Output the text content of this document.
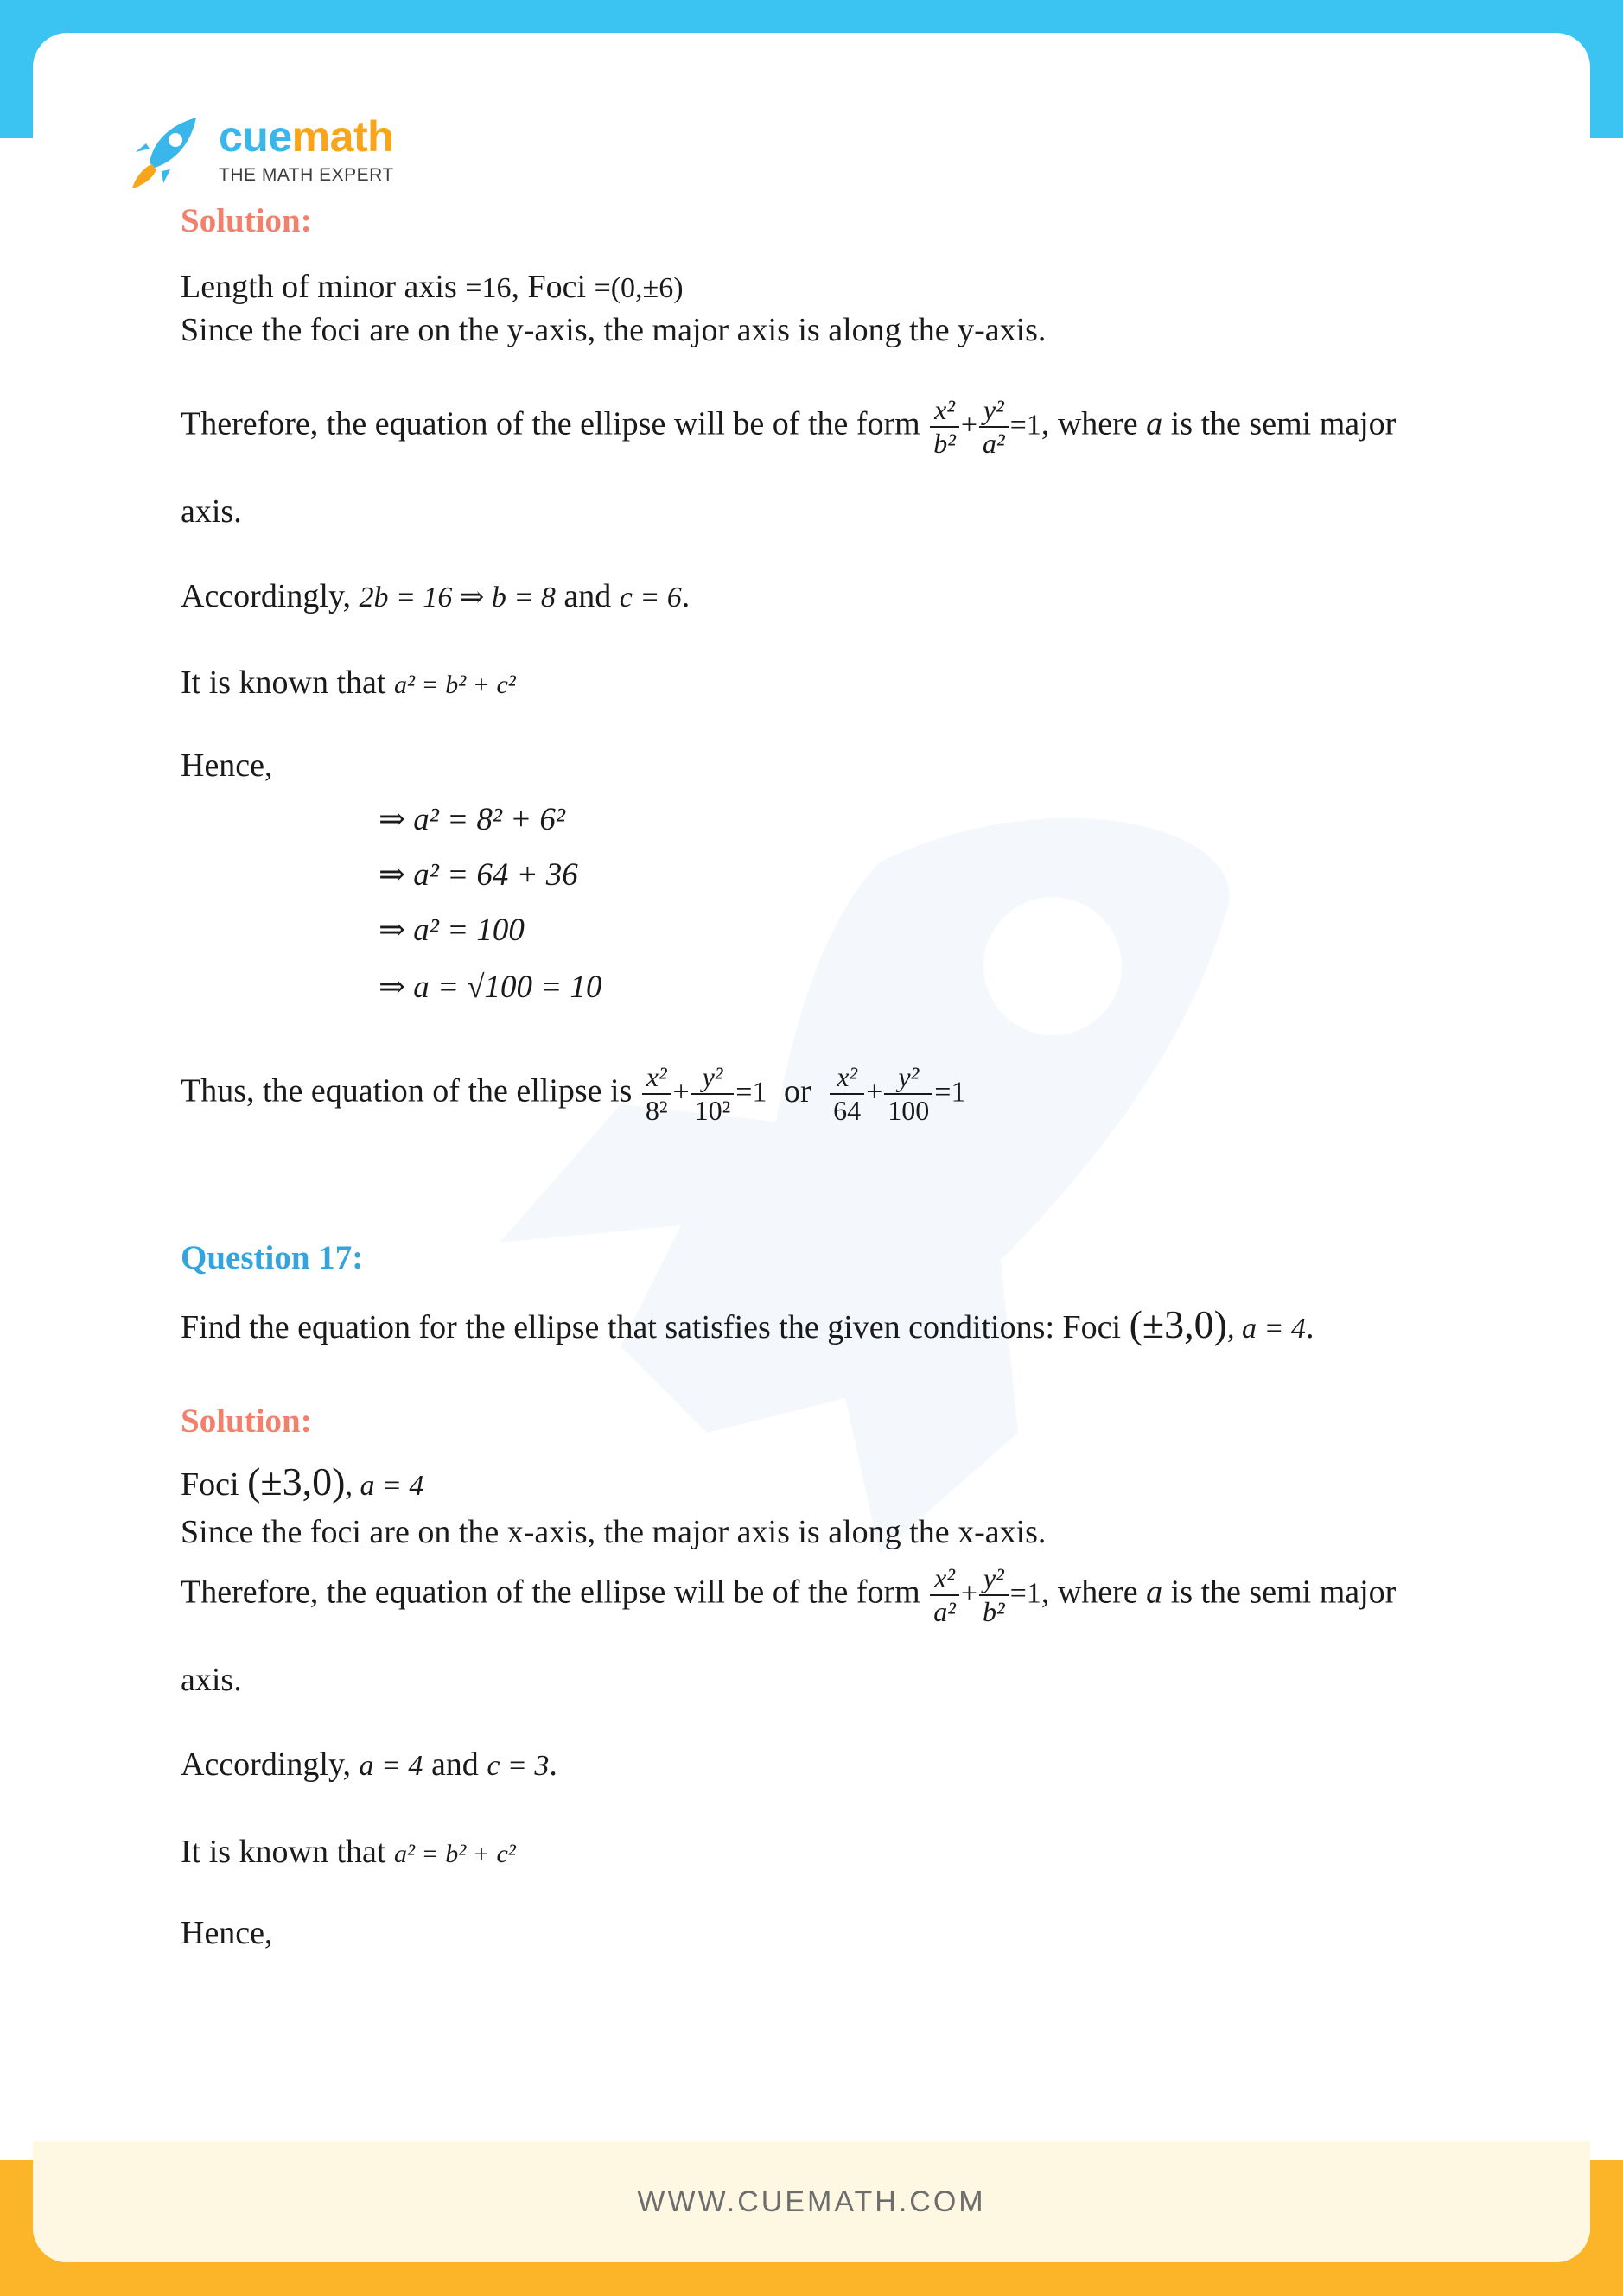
cuemath
THE MATH EXPERT
Solution:
Length of minor axis =16, Foci =(0,±6)
Since the foci are on the y-axis, the major axis is along the y-axis.
Therefore, the equation of the ellipse will be of the form $\frac{\text{x²}}{\text{b²}} + \frac{\text{y²}}{\text{a²}} =1$, where a is the semi major
axis.
Accordingly, 2b = 16 ⇒ b = 8 and c = 6.
It is known that a² = b² + c²
Hence,
⇒ a² = 8² + 6²
⇒ a² = 64 + 36
⇒ a² = 100
⇒ a = √100 = 10
Thus, the equation of the ellipse is $\frac{\text{x²}}{\text{8²}} + \frac{\text{y²}}{\text{10²}} =1$ or $\frac{\text{x²}}{64} + \frac{\text{y²}}{100} =1$
Question 17:
Find the equation for the ellipse that satisfies the given conditions: Foci (±3,0), a = 4.
Solution:
Foci (±3,0), a = 4
Since the foci are on the x-axis, the major axis is along the x-axis.
Therefore, the equation of the ellipse will be of the form $\frac{\text{x²}}{\text{a²}} + \frac{\text{y²}}{\text{b²}} =1$, where a is the semi major
axis.
Accordingly, a = 4 and c = 3.
It is known that a² = b² + c²
Hence,
WWW.CUEMATH.COM
